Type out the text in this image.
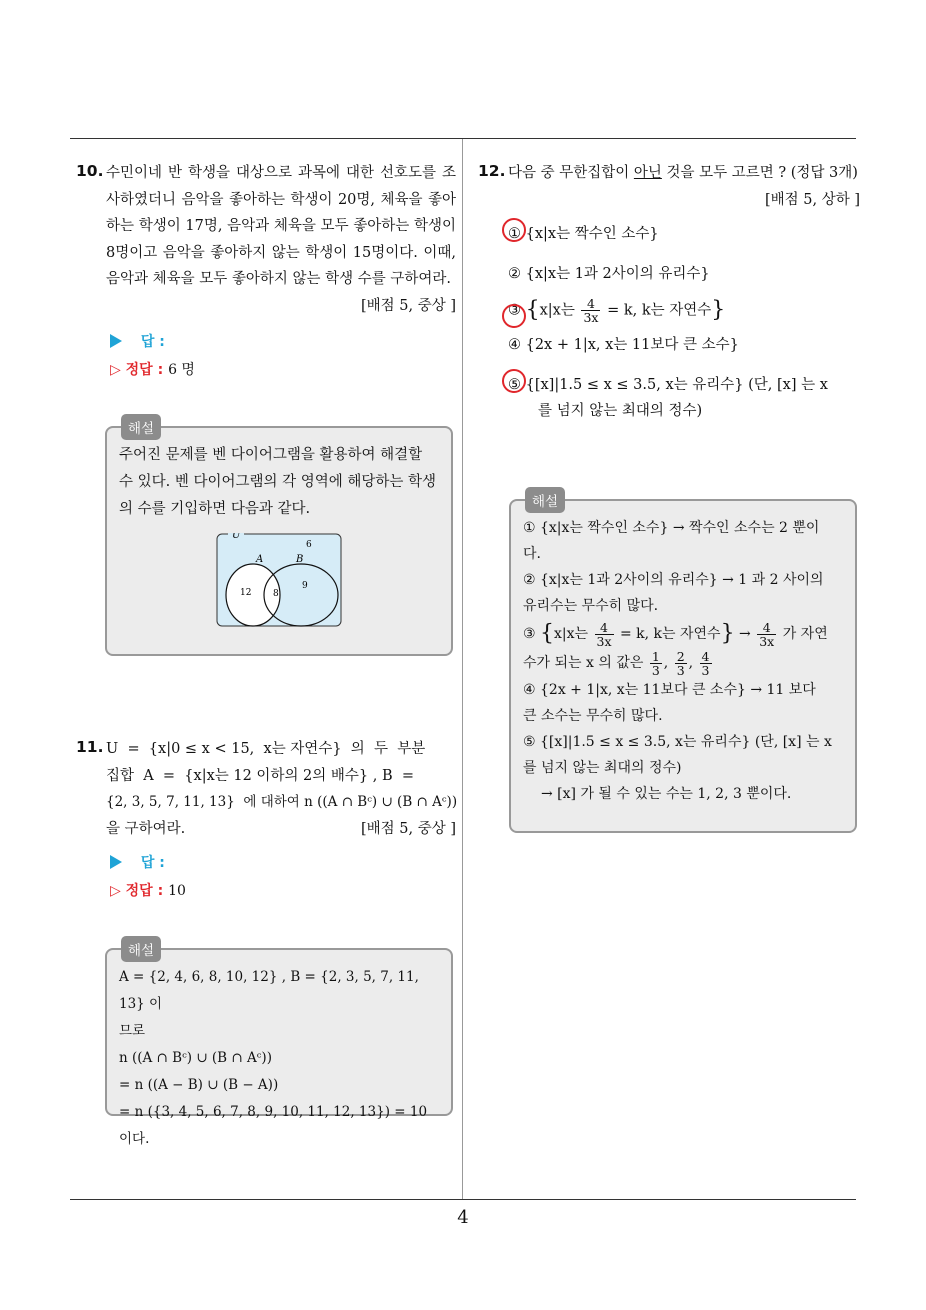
10. 수민이네 반 학생을 대상으로 과목에 대한 선호도를 조사하였더니 음악을 좋아하는 학생이 20명, 체육을 좋아하는 학생이 17명, 음악과 체육을 모두 좋아하는 학생이 8명이고 음악을 좋아하지 않는 학생이 15명이다. 이때, 음악과 체육을 모두 좋아하지 않는 학생 수를 구하여라.
[배점 5, 중상 ]
답 :
▷ 정답 : 6 명
해설

주어진 문제를 벤 다이어그램을 활용하여 해결할 수 있다. 벤 다이어그램의 각 영역에 해당하는 학생의 수를 기입하면 다음과 같다.

U
A	B
6
12 8
9
11. U  =  {x|0 ≤ x < 15,  x는 자연수}  의  두  부분
집합  A  =  {x|x는 12 이하의 2의 배수} , B  =
{2, 3, 5, 7, 11, 13}  에 대하여 n ((A ∩ Bᶜ) ∪ (B ∩ Aᶜ))
을 구하여라.	[배점 5, 중상 ]
답 :
▷ 정답 : 10
해설

A = {2, 4, 6, 8, 10, 12} , B = {2, 3, 5, 7, 11, 13} 이

므로

n ((A ∩ Bᶜ) ∪ (B ∩ Aᶜ))

= n ((A − B) ∪ (B − A))

= n ({3, 4, 5, 6, 7, 8, 9, 10, 11, 12, 13}) = 10 이다.

12. 다음 중 무한집합이 아닌 것을 모두 고르면 ? (정답 3개)
[배점 5, 상하 ]
① {x|x는 짝수인 소수}
② {x|x는 1과 2사이의 유리수}
③ {x|x는 $\frac{4}{3x} = k$, k는 자연수}
④ {2x + 1|x, x는 11보다 큰 소수}
⑤ {[x]|1.5 ≤ x ≤ 3.5, x는 유리수} (단, [x] 는 x
를 넘지 않는 최대의 정수)
해설

① {x|x는 짝수인 소수} → 짝수인 소수는 2 뿐이

다.

② {x|x는 1과 2사이의 유리수} → 1 과 2 사이의

유리수는 무수히 많다.

③ {x|x는 $\frac{4}{3x} = k$, k는 자연수} → $\frac{4}{3x}$ 가 자연

수가 되는 x 의 값은 $\frac{1}{3}$ , $\frac{2}{3}$ , $\frac{4}{3}$

④ {2x + 1|x, x는 11보다 큰 소수} → 11 보다

큰 소수는 무수히 많다.

⑤ {[x]|1.5 ≤ x ≤ 3.5, x는 유리수} (단, [x] 는 x

를 넘지 않는 최대의 정수)

→ [x] 가 될 수 있는 수는 1, 2, 3 뿐이다.

4
